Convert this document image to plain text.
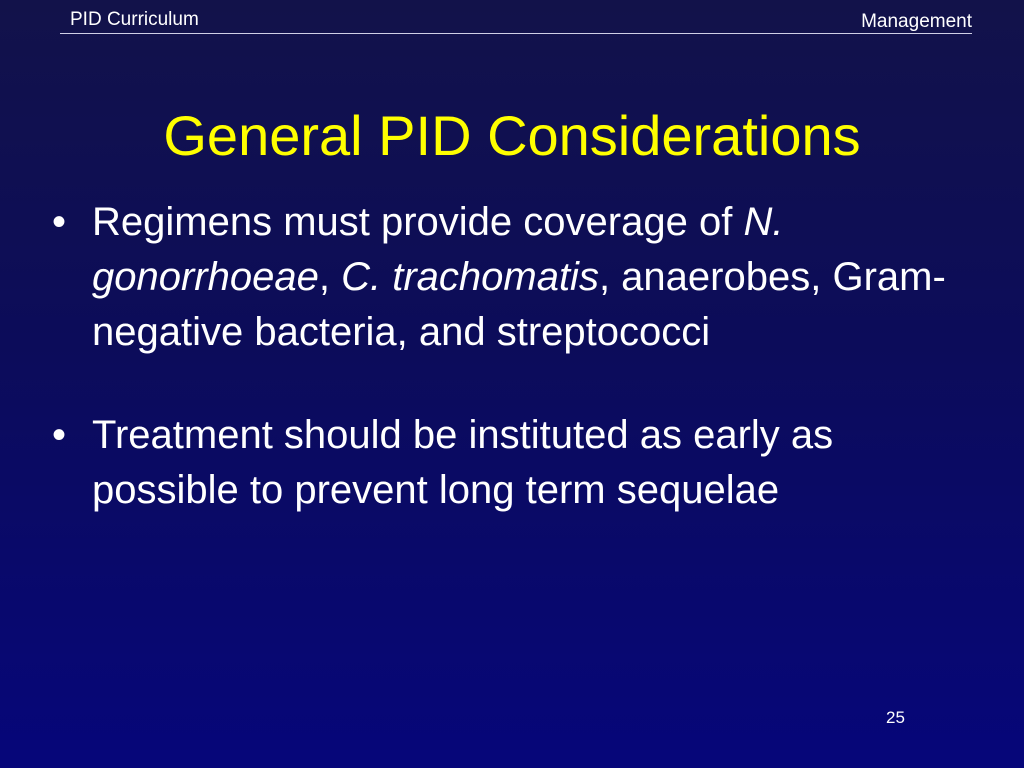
PID Curriculum	Management
General PID Considerations
• Regimens must provide coverage of N. gonorrhoeae, C. trachomatis, anaerobes, Gram-negative bacteria, and streptococci
• Treatment should be instituted as early as possible to prevent long term sequelae
25
